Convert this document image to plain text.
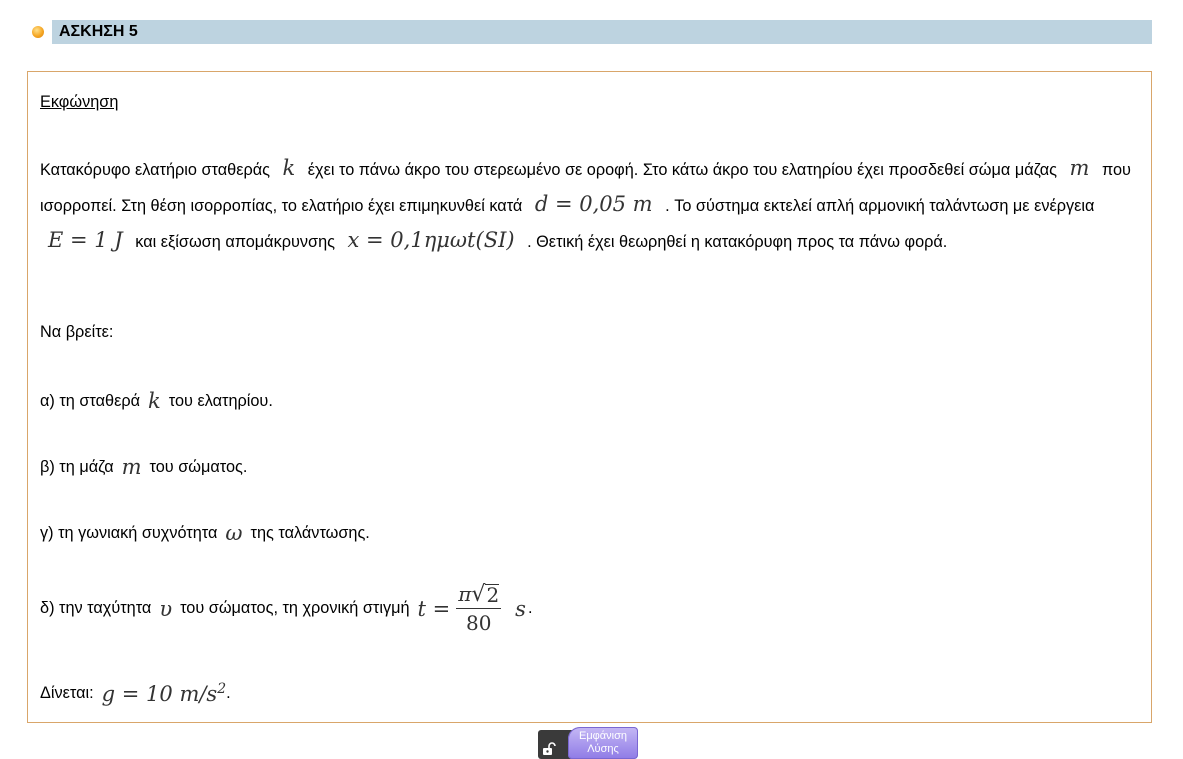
ΑΣΚΗΣΗ 5
Εκφώνηση
Κατακόρυφο ελατήριο σταθεράς k έχει το πάνω άκρο του στερεωμένο σε οροφή. Στο κάτω άκρο του ελατηρίου έχει προσδεθεί σώμα μάζας m που ισορροπεί. Στη θέση ισορροπίας, το ελατήριο έχει επιμηκυνθεί κατά d = 0,05 m . Το σύστημα εκτελεί απλή αρμονική ταλάντωση με ενέργεια E = 1 J και εξίσωση απομάκρυνσης x = 0,1ημωt(SI) . Θετική έχει θεωρηθεί η κατακόρυφη προς τα πάνω φορά.
Να βρείτε:
α) τη σταθερά k του ελατηρίου.
β) τη μάζα m του σώματος.
γ) τη γωνιακή συχνότητα ω της ταλάντωσης.
δ) την ταχύτητα υ του σώματος, τη χρονική στιγμή $t = \frac{\pi √ 2}{80}$ s .
Δίνεται: g = 10 $m/s^2$ .
Εμφάνιση
Λύσης
